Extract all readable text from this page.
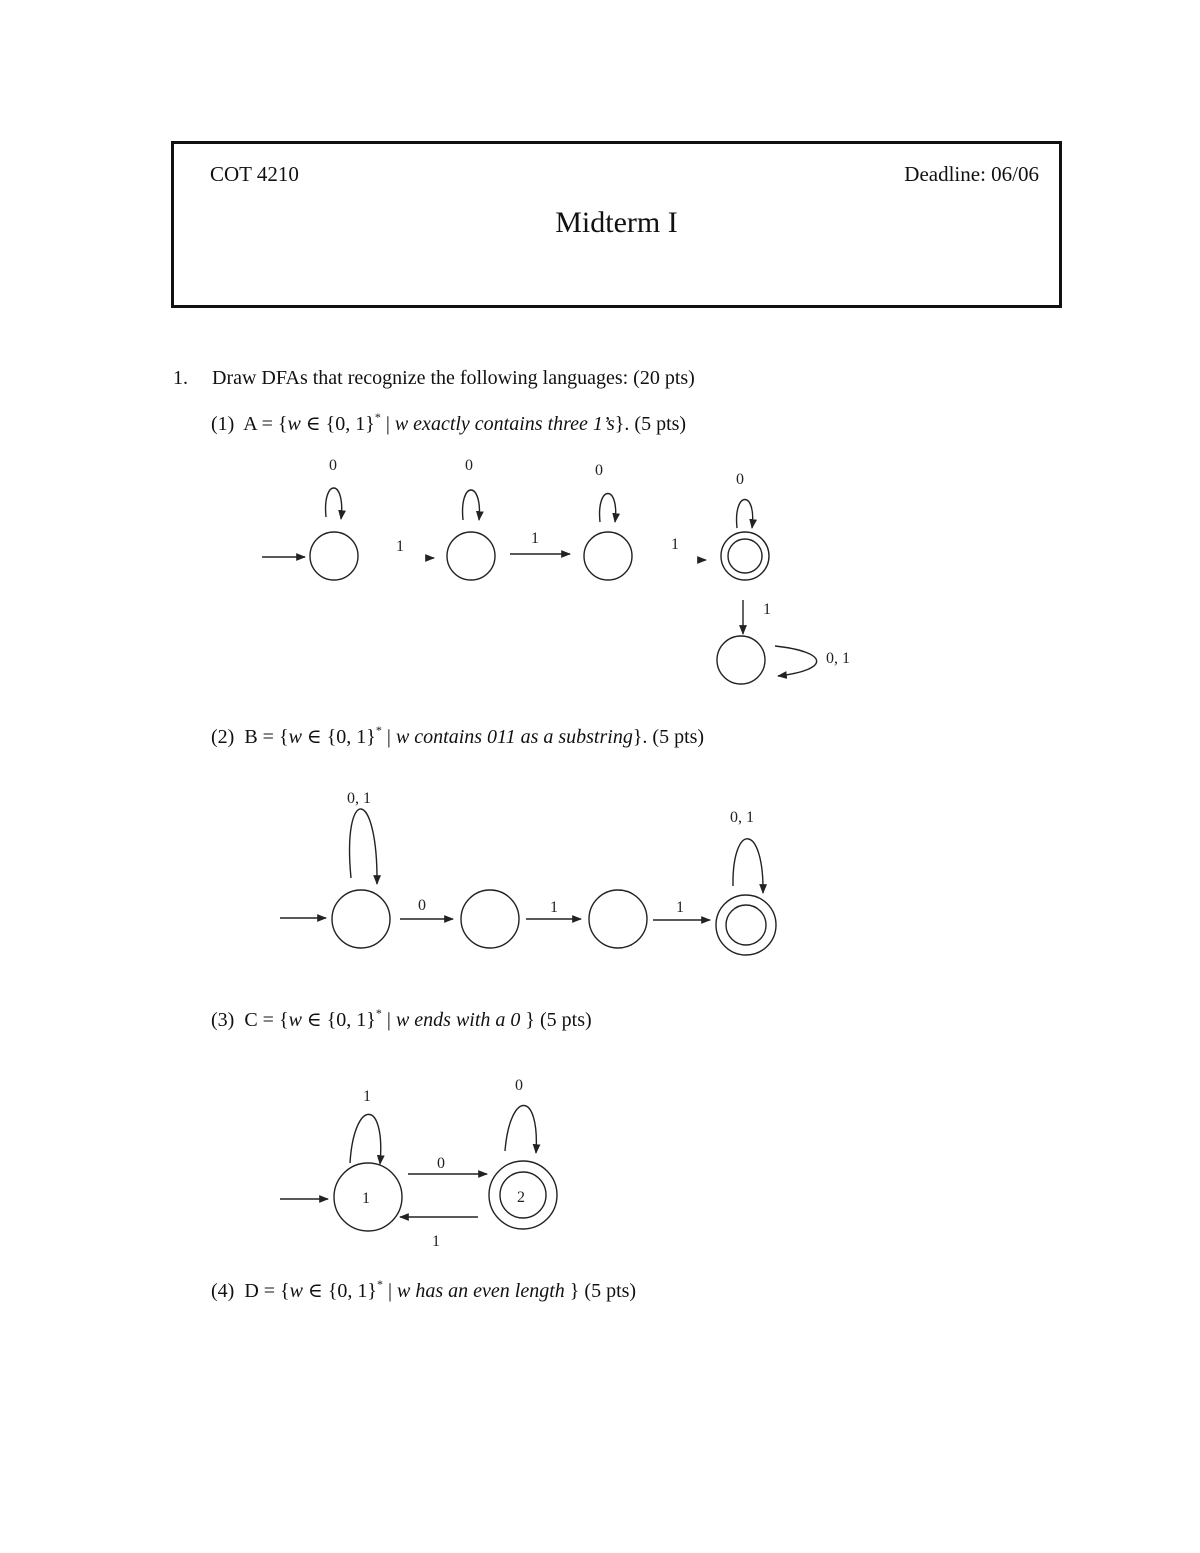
COT 4210	Deadline: 06/06
Midterm I
1. Draw DFAs that recognize the following languages: (20 pts)
(1) A = {w ∈ {0, 1}* | w exactly contains three 1’s}. (5 pts)
(2) B = {w ∈ {0, 1}* | w contains 011 as a substring}. (5 pts)
(3) C = {w ∈ {0, 1}* | w ends with a 0 } (5 pts)
(4) D = {w ∈ {0, 1}* | w has an even length } (5 pts)
0	0	0
0
1	1	1
1
0, 1
0, 1
0, 1
0	1	1
1	2
1
0
0
1
